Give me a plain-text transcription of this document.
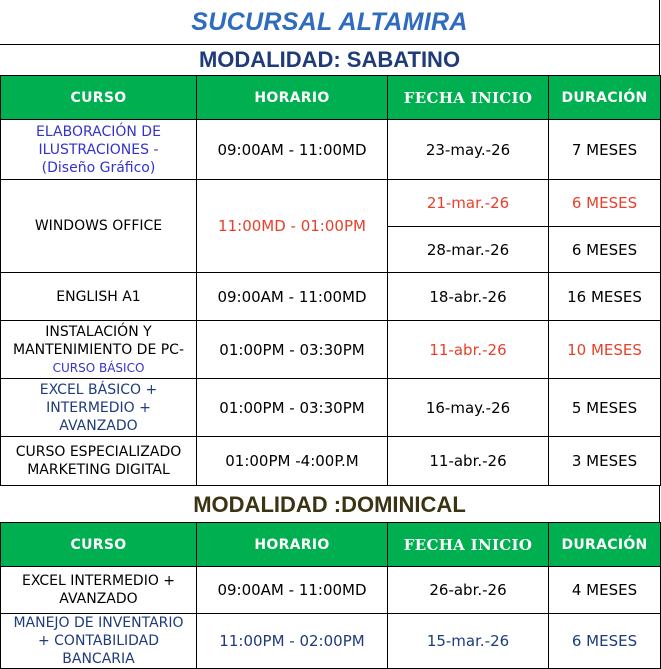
SUCURSAL ALTAMIRA
MODALIDAD: SABATINO
CURSO	HORARIO	FECHA INICIO	DURACIÓN

ELABORACIÓN DE
ILUSTRACIONES -
(Diseño Gráfico)	09:00AM - 11:00MD	23-may.-26	7 MESES
WINDOWS OFFICE	11:00MD - 01:00PM	21-mar.-26	6 MESES
		28-mar.-26	6 MESES
ENGLISH A1	09:00AM - 11:00MD	18-abr.-26	16 MESES

INSTALACIÓN Y
MANTENIMIENTO DE PC-
CURSO BÁSICO	01:00PM - 03:30PM	11-abr.-26	10 MESES

EXCEL BÁSICO +
INTERMEDIO +
AVANZADO	01:00PM - 03:30PM	16-may.-26	5 MESES

CURSO ESPECIALIZADO
MARKETING DIGITAL	01:00PM -4:00P.M	11-abr.-26	3 MESES
MODALIDAD :DOMINICAL
CURSO	HORARIO	FECHA INICIO	DURACIÓN

EXCEL INTERMEDIO +
AVANZADO	09:00AM - 11:00MD	26-abr.-26	4 MESES

MANEJO DE INVENTARIO
+ CONTABILIDAD
BANCARIA	11:00PM - 02:00PM	15-mar.-26	6 MESES
